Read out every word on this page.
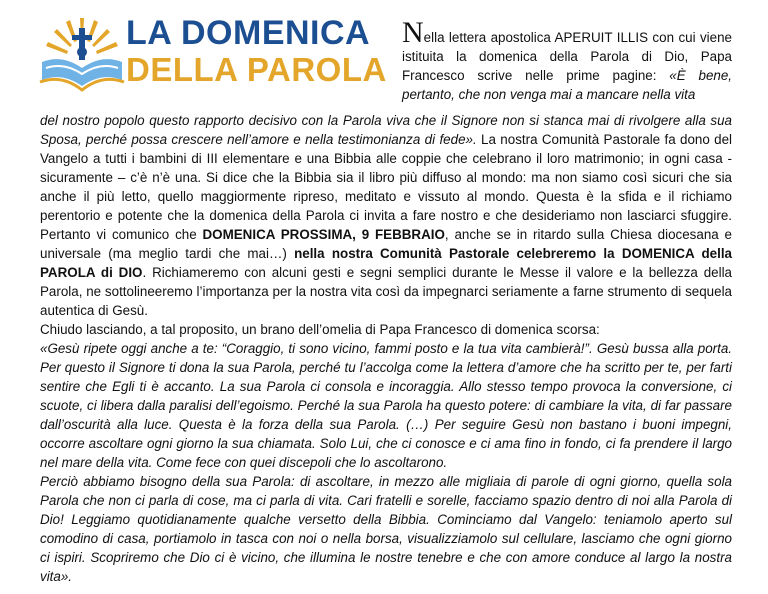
LA DOMENICA
DELLA PAROLA
Nella lettera apostolica APERUIT ILLIS con cui viene istituita la domenica della Parola di Dio, Papa Francesco scrive nelle prime pagine: «È bene, pertanto, che non venga mai a mancare nella vita

del nostro popolo questo rapporto decisivo con la Parola viva che il Signore non si stanca mai di rivolgere alla sua Sposa, perché possa crescere nell’amore e nella testimonianza di fede». La nostra Comunità Pastorale fa dono del Vangelo a tutti i bambini di III elementare e una Bibbia alle coppie che celebrano il loro matrimonio; in ogni casa - sicuramente – c’è n’è una. Si dice che la Bibbia sia il libro più diffuso al mondo: ma non siamo così sicuri che sia anche il più letto, quello maggiormente ripreso, meditato e vissuto al mondo. Questa è la sfida e il richiamo perentorio e potente che la domenica della Parola ci invita a fare nostro e che desideriamo non lasciarci sfuggire. Pertanto vi comunico che DOMENICA PROSSIMA, 9 FEBBRAIO, anche se in ritardo sulla Chiesa diocesana e universale (ma meglio tardi che mai…) nella nostra Comunità Pastorale celebreremo la DOMENICA della PAROLA di DIO. Richiameremo con alcuni gesti e segni semplici durante le Messe il valore e la bellezza della Parola, ne sottolineeremo l’importanza per la nostra vita così da impegnarci seriamente a farne strumento di sequela autentica di Gesù.

Chiudo lasciando, a tal proposito, un brano dell’omelia di Papa Francesco di domenica scorsa:

«Gesù ripete oggi anche a te: “Coraggio, ti sono vicino, fammi posto e la tua vita cambierà!”. Gesù bussa alla porta. Per questo il Signore ti dona la sua Parola, perché tu l’accolga come la lettera d’amore che ha scritto per te, per farti sentire che Egli ti è accanto. La sua Parola ci consola e incoraggia. Allo stesso tempo provoca la conversione, ci scuote, ci libera dalla paralisi dell’egoismo. Perché la sua Parola ha questo potere: di cambiare la vita, di far passare dall’oscurità alla luce. Questa è la forza della sua Parola. (…) Per seguire Gesù non bastano i buoni impegni, occorre ascoltare ogni giorno la sua chiamata. Solo Lui, che ci conosce e ci ama fino in fondo, ci fa prendere il largo nel mare della vita. Come fece con quei discepoli che lo ascoltarono.

Perciò abbiamo bisogno della sua Parola: di ascoltare, in mezzo alle migliaia di parole di ogni giorno, quella sola Parola che non ci parla di cose, ma ci parla di vita. Cari fratelli e sorelle, facciamo spazio dentro di noi alla Parola di Dio! Leggiamo quotidianamente qualche versetto della Bibbia. Cominciamo dal Vangelo: teniamolo aperto sul comodino di casa, portiamolo in tasca con noi o nella borsa, visualizziamolo sul cellulare, lasciamo che ogni giorno ci ispiri. Scopriremo che Dio ci è vicino, che illumina le nostre tenebre e che con amore conduce al largo la nostra vita».
